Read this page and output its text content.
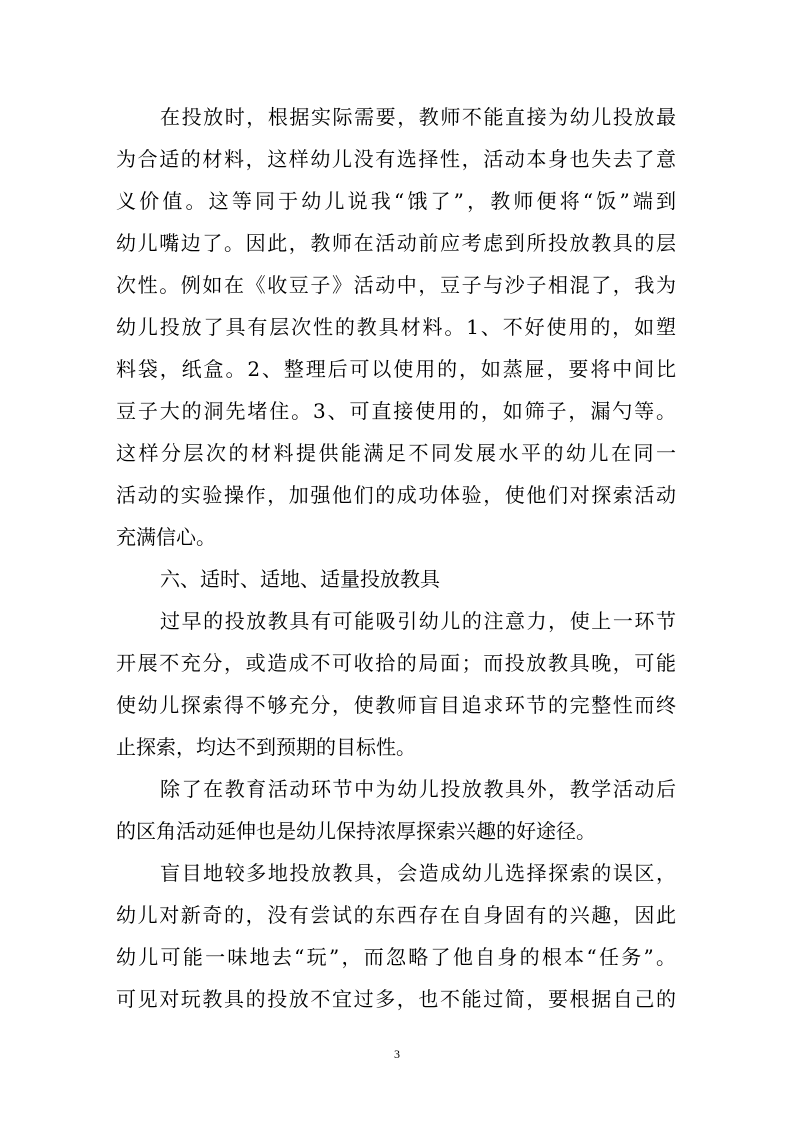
在投放时，根据实际需要，教师不能直接为幼儿投放最
为合适的材料，这样幼儿没有选择性，活动本身也失去了意
义价值。这等同于幼儿说我“饿了”，教师便将“饭”端到
幼儿嘴边了。因此，教师在活动前应考虑到所投放教具的层
次性。例如在《收豆子》活动中，豆子与沙子相混了，我为
幼儿投放了具有层次性的教具材料。1、不好使用的，如塑
料袋，纸盒。2、整理后可以使用的，如蒸屉，要将中间比
豆子大的洞先堵住。3、可直接使用的，如筛子，漏勺等。
这样分层次的材料提供能满足不同发展水平的幼儿在同一
活动的实验操作，加强他们的成功体验，使他们对探索活动
充满信心。
六、适时、适地、适量投放教具
过早的投放教具有可能吸引幼儿的注意力，使上一环节
开展不充分，或造成不可收拾的局面；而投放教具晚，可能
使幼儿探索得不够充分，使教师盲目追求环节的完整性而终
止探索，均达不到预期的目标性。
除了在教育活动环节中为幼儿投放教具外，教学活动后
的区角活动延伸也是幼儿保持浓厚探索兴趣的好途径。
盲目地较多地投放教具，会造成幼儿选择探索的误区，
幼儿对新奇的，没有尝试的东西存在自身固有的兴趣，因此
幼儿可能一味地去“玩”，而忽略了他自身的根本“任务”。
可见对玩教具的投放不宜过多，也不能过简，要根据自己的
3
